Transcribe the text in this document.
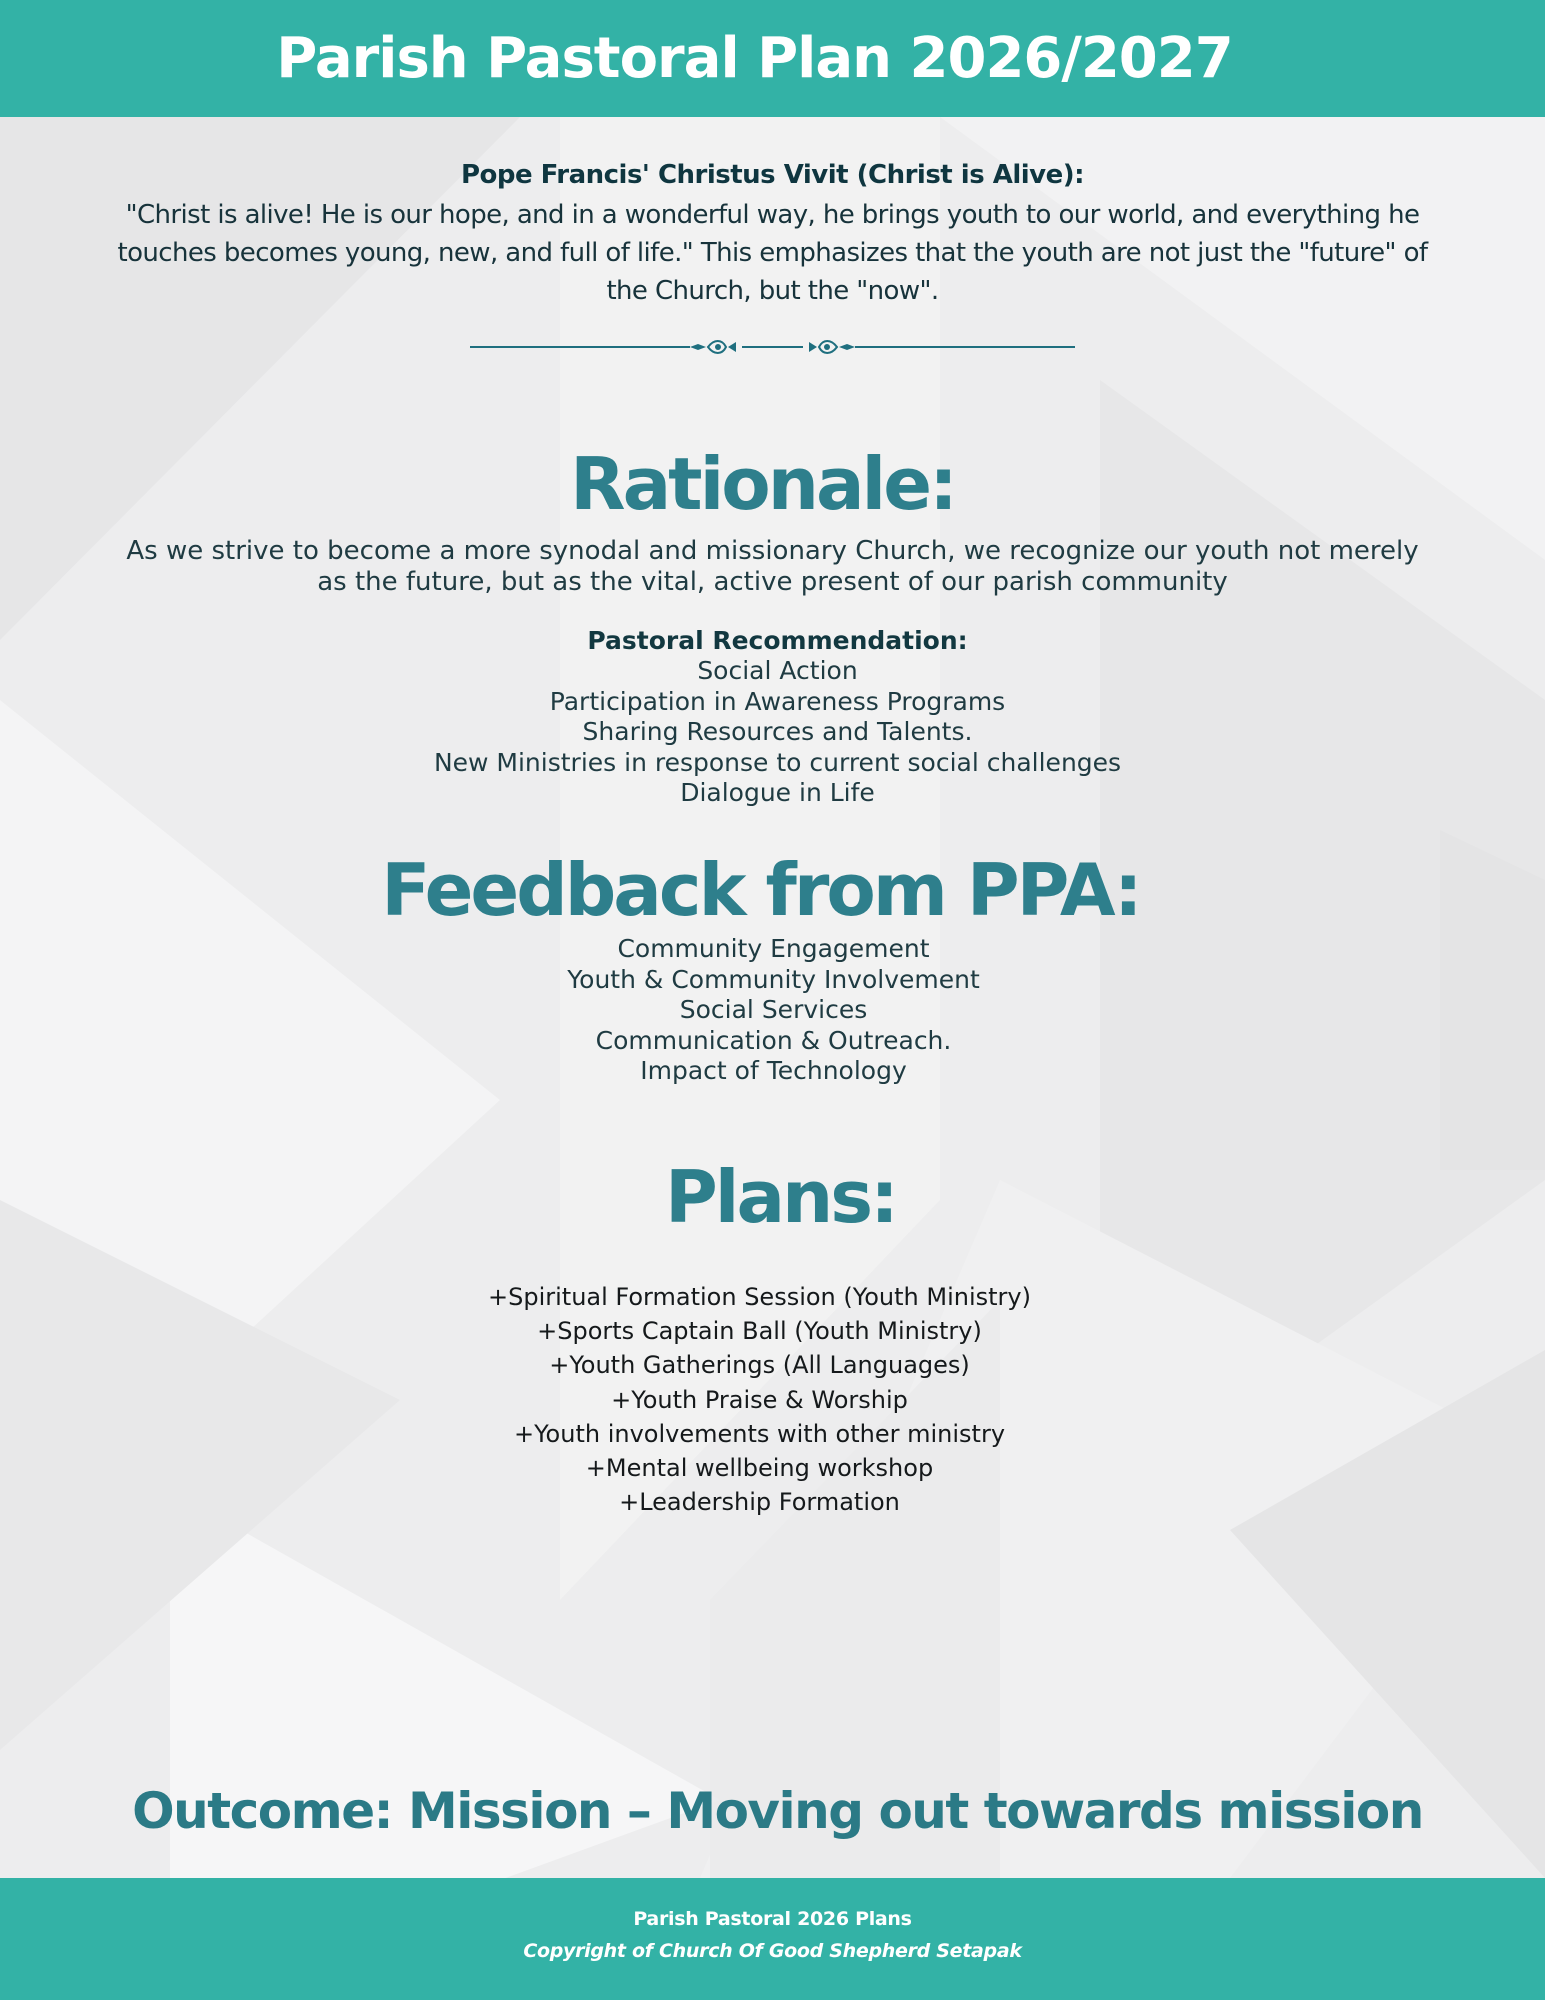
Parish Pastoral Plan 2026/2027
Pope Francis' Christus Vivit (Christ is Alive):
"Christ is alive! He is our hope, and in a wonderful way, he brings youth to our world, and everything he touches becomes young, new, and full of life." This emphasizes that the youth are not just the "future" of the Church, but the "now".
Rationale:
As we strive to become a more synodal and missionary Church, we recognize our youth not merely as the future, but as the vital, active present of our parish community
Pastoral Recommendation:
Social Action
Participation in Awareness Programs
Sharing Resources and Talents.
New Ministries in response to current social challenges
Dialogue in Life
Feedback from PPA:
Community Engagement
Youth & Community Involvement
Social Services
Communication & Outreach.
Impact of Technology
Plans:
+Spiritual Formation Session (Youth Ministry)
+Sports Captain Ball (Youth Ministry)
+Youth Gatherings (All Languages)
+Youth Praise & Worship
+Youth involvements with other ministry
+Mental wellbeing workshop
+Leadership Formation
Outcome: Mission – Moving out towards mission
Parish Pastoral 2026 Plans
Copyright of Church Of Good Shepherd Setapak
